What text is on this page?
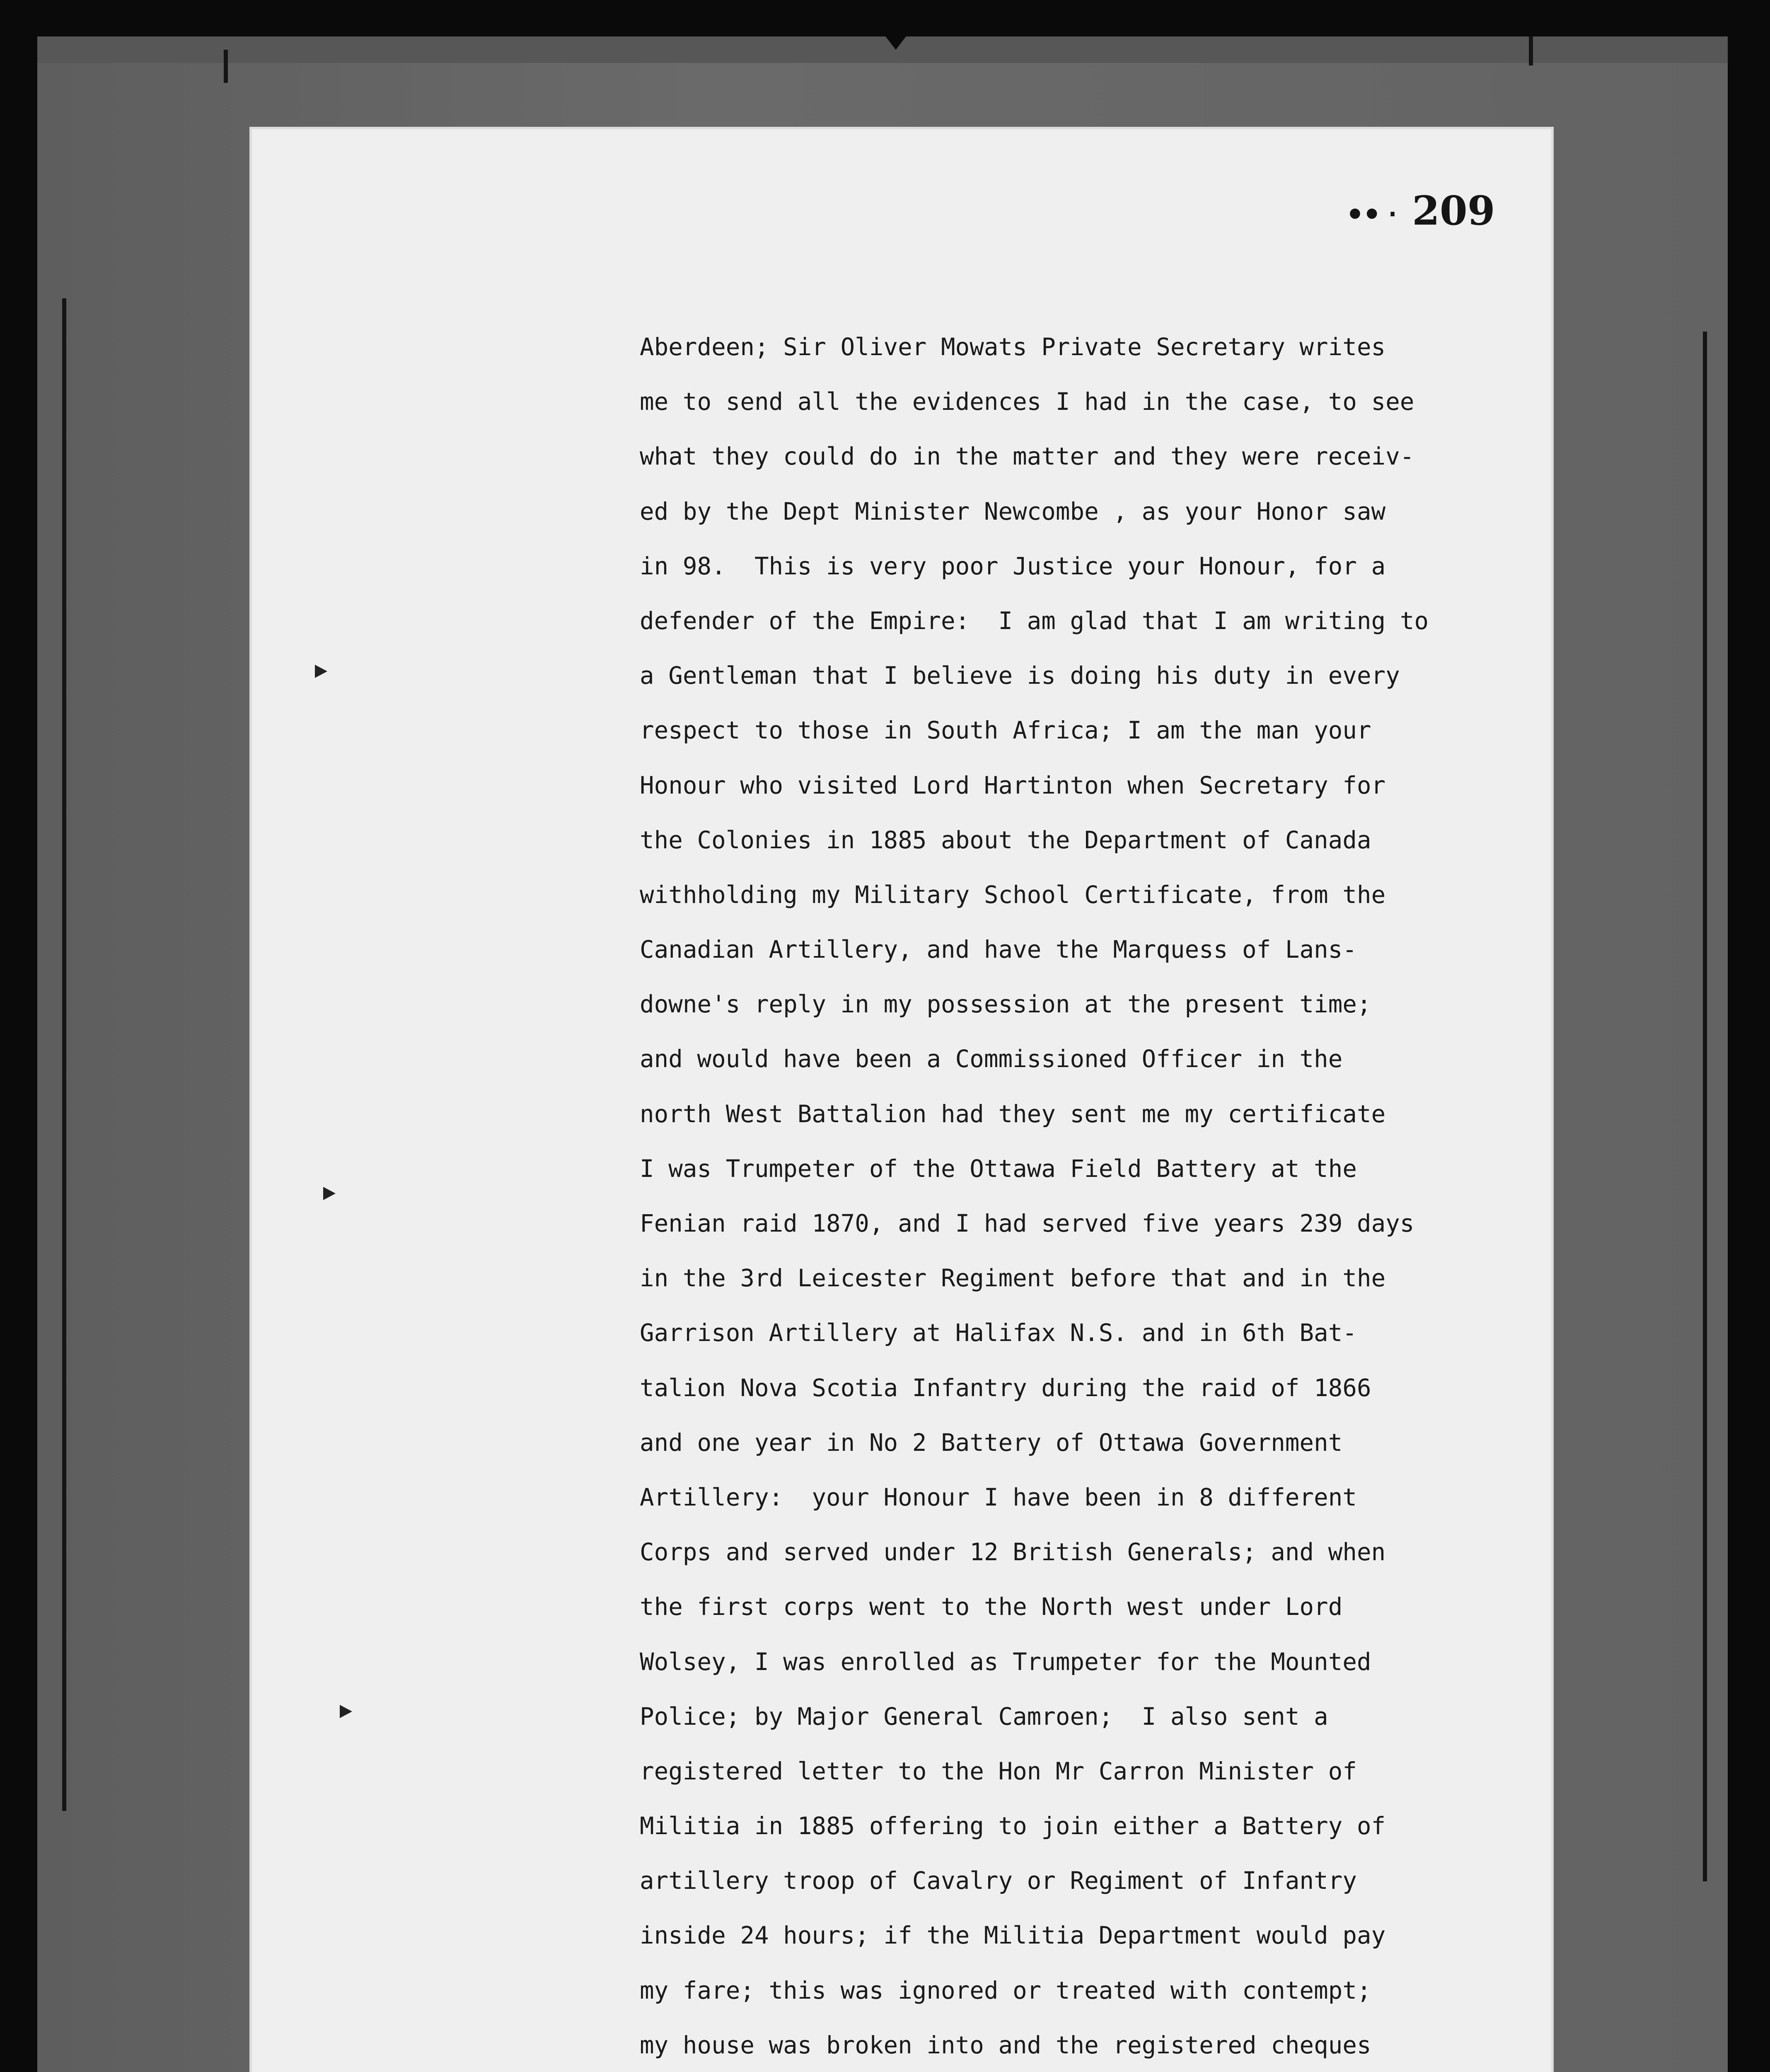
•• ‧ 209
Aberdeen; Sir Oliver Mowats Private Secretary writes
me to send all the evidences I had in the case, to see
what they could do in the matter and they were receiv-
ed by the Dept Minister Newcombe , as your Honor saw
in 98.  This is very poor Justice your Honour, for a
defender of the Empire:  I am glad that I am writing to
a Gentleman that I believe is doing his duty in every
respect to those in South Africa; I am the man your
Honour who visited Lord Hartinton when Secretary for
the Colonies in 1885 about the Department of Canada
withholding my Military School Certificate, from the
Canadian Artillery, and have the Marquess of Lans-
downe's reply in my possession at the present time;
and would have been a Commissioned Officer in the
north West Battalion had they sent me my certificate
I was Trumpeter of the Ottawa Field Battery at the
Fenian raid 1870, and I had served five years 239 days
in the 3rd Leicester Regiment before that and in the
Garrison Artillery at Halifax N.S. and in 6th Bat-
talion Nova Scotia Infantry during the raid of 1866
and one year in No 2 Battery of Ottawa Government
Artillery:  your Honour I have been in 8 different
Corps and served under 12 British Generals; and when
the first corps went to the North west under Lord
Wolsey, I was enrolled as Trumpeter for the Mounted
Police; by Major General Camroen;  I also sent a
registered letter to the Hon Mr Carron Minister of
Militia in 1885 offering to join either a Battery of
artillery troop of Cavalry or Regiment of Infantry
inside 24 hours; if the Militia Department would pay
my fare; this was ignored or treated with contempt;
my house was broken into and the registered cheques
